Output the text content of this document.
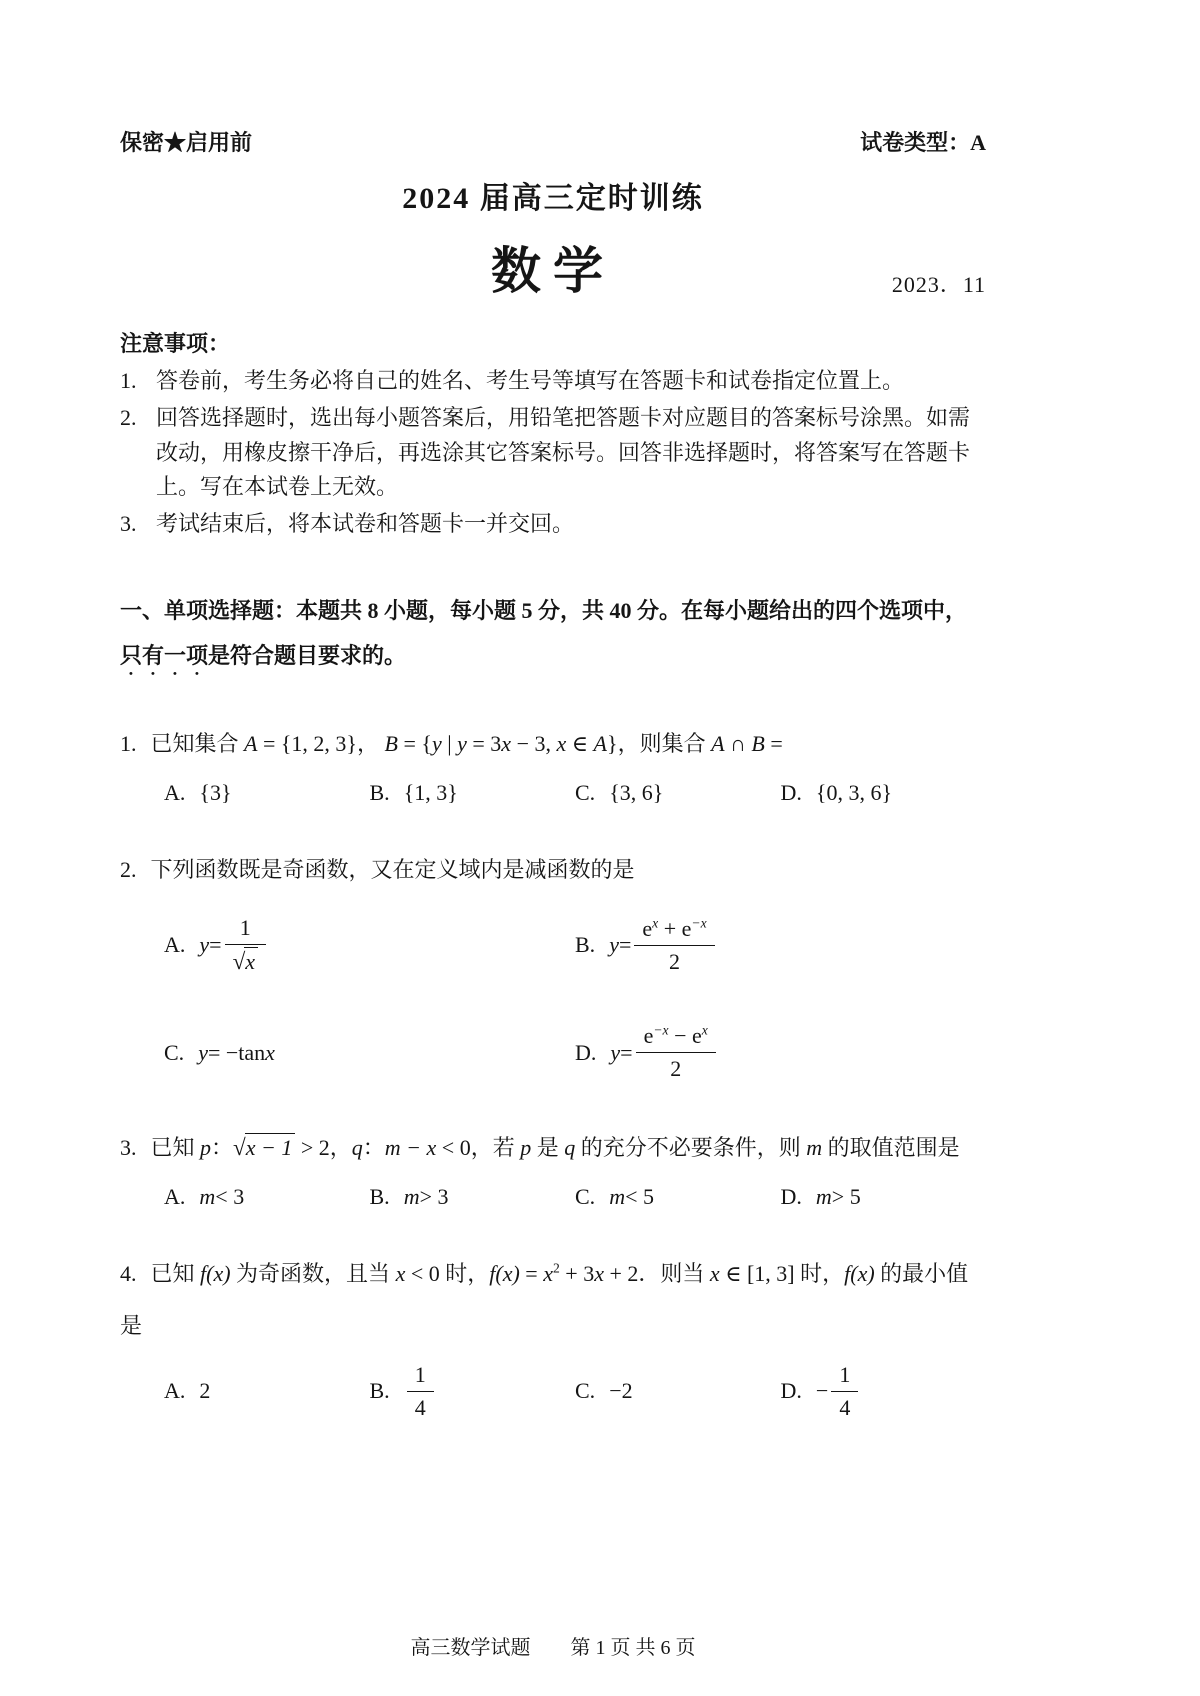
保密★启用前	试卷类型：A
2024 届高三定时训练
数学	2023．11
注意事项：
1. 答卷前，考生务必将自己的姓名、考生号等填写在答题卡和试卷指定位置上。
2. 回答选择题时，选出每小题答案后，用铅笔把答题卡对应题目的答案标号涂黑。如需改动，用橡皮擦干净后，再选涂其它答案标号。回答非选择题时，将答案写在答题卡上。写在本试卷上无效。
3. 考试结束后，将本试卷和答题卡一并交回。
一、单项选择题：本题共 8 小题，每小题 5 分，共 40 分。在每小题给出的四个选项中，只有一项是符合题目要求的。

1. 已知集合 A = {1, 2, 3}， B = {y | y = 3x − 3, x ∈ A}，则集合 A ∩ B =

A. {3}	B. {1, 3}	C. {3, 6}	D. {0, 3, 6}

2. 下列函数既是奇函数，又在定义域内是减函数的是

A. $y = \frac{1}{√x}$	B. $y = \frac{e^x + e^{-x}}{2}$
C. y = −tan x	D. $y = \frac{e^{-x} - e^x}{2}$

3. 已知 p：√x − 1 > 2，q：m − x < 0，若 p 是 q 的充分不必要条件，则 m 的取值范围是

A. m < 3	B. m > 3	C. m < 5	D. m > 5

4. 已知 f(x) 为奇函数，且当 x < 0 时，$f(x) = x^2 + 3x + 2$．则当 x ∈ [1, 3] 时，f(x) 的最小值是

A. 2	B. $\frac{1}{4}$	C. −2	D. − $\frac{1}{4}$
高三数学试题　　第 1 页 共 6 页
